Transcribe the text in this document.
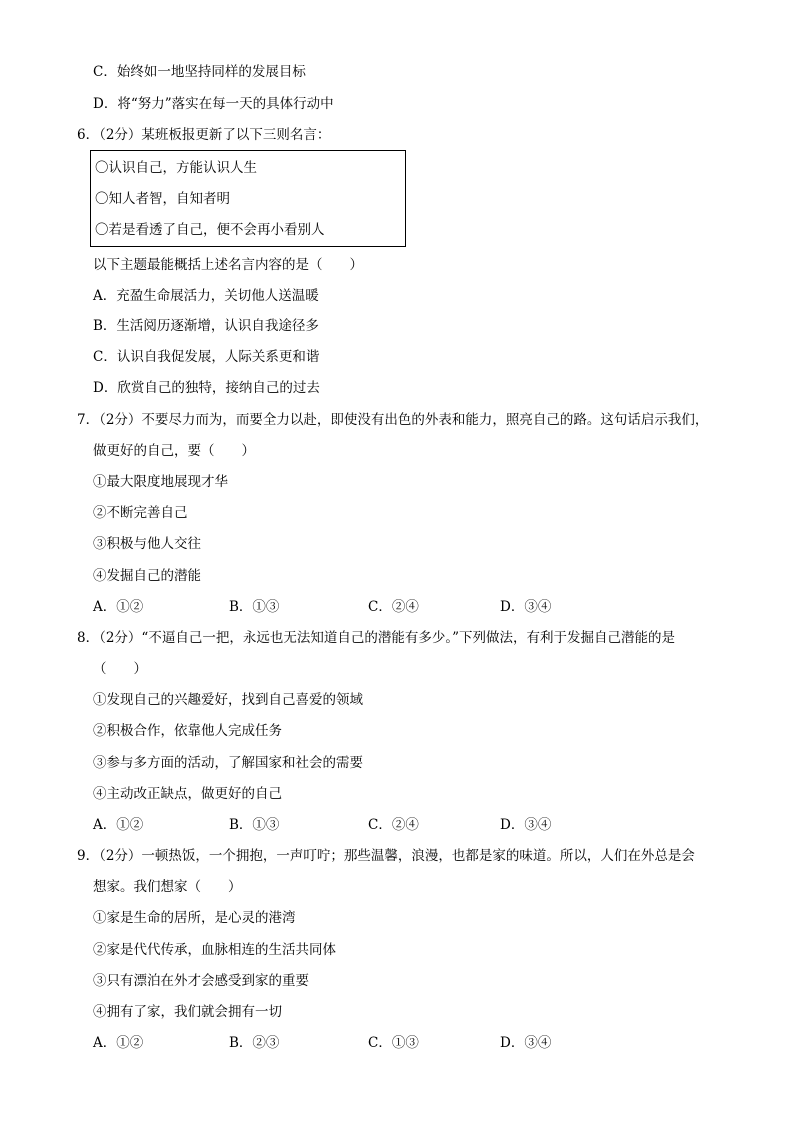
C．始终如一地坚持同样的发展目标
D．将“努力”落实在每一天的具体行动中
6．（2分）某班板报更新了以下三则名言：
〇认识自己，方能认识人生
〇知人者智，自知者明
〇若是看透了自己，便不会再小看别人
以下主题最能概括上述名言内容的是（　　）
A．充盈生命展活力，关切他人送温暖
B．生活阅历逐渐增，认识自我途径多
C．认识自我促发展，人际关系更和谐
D．欣赏自己的独特，接纳自己的过去
7．（2分）不要尽力而为，而要全力以赴，即使没有出色的外表和能力，照亮自己的路。这句话启示我们，
做更好的自己，要（　　）
①最大限度地展现才华
②不断完善自己
③积极与他人交往
④发掘自己的潜能
A．①②	B．①③	C．②④	D．③④
8．（2分）“不逼自己一把，永远也无法知道自己的潜能有多少。”下列做法，有利于发掘自己潜能的是
（　　）
①发现自己的兴趣爱好，找到自己喜爱的领域
②积极合作，依靠他人完成任务
③参与多方面的活动，了解国家和社会的需要
④主动改正缺点，做更好的自己
A．①②	B．①③	C．②④	D．③④
9．（2分）一顿热饭，一个拥抱，一声叮咛；那些温馨，浪漫，也都是家的味道。所以，人们在外总是会
想家。我们想家（　　）
①家是生命的居所，是心灵的港湾
②家是代代传承，血脉相连的生活共同体
③只有漂泊在外才会感受到家的重要
④拥有了家，我们就会拥有一切
A．①②	B．②③	C．①③	D．③④
